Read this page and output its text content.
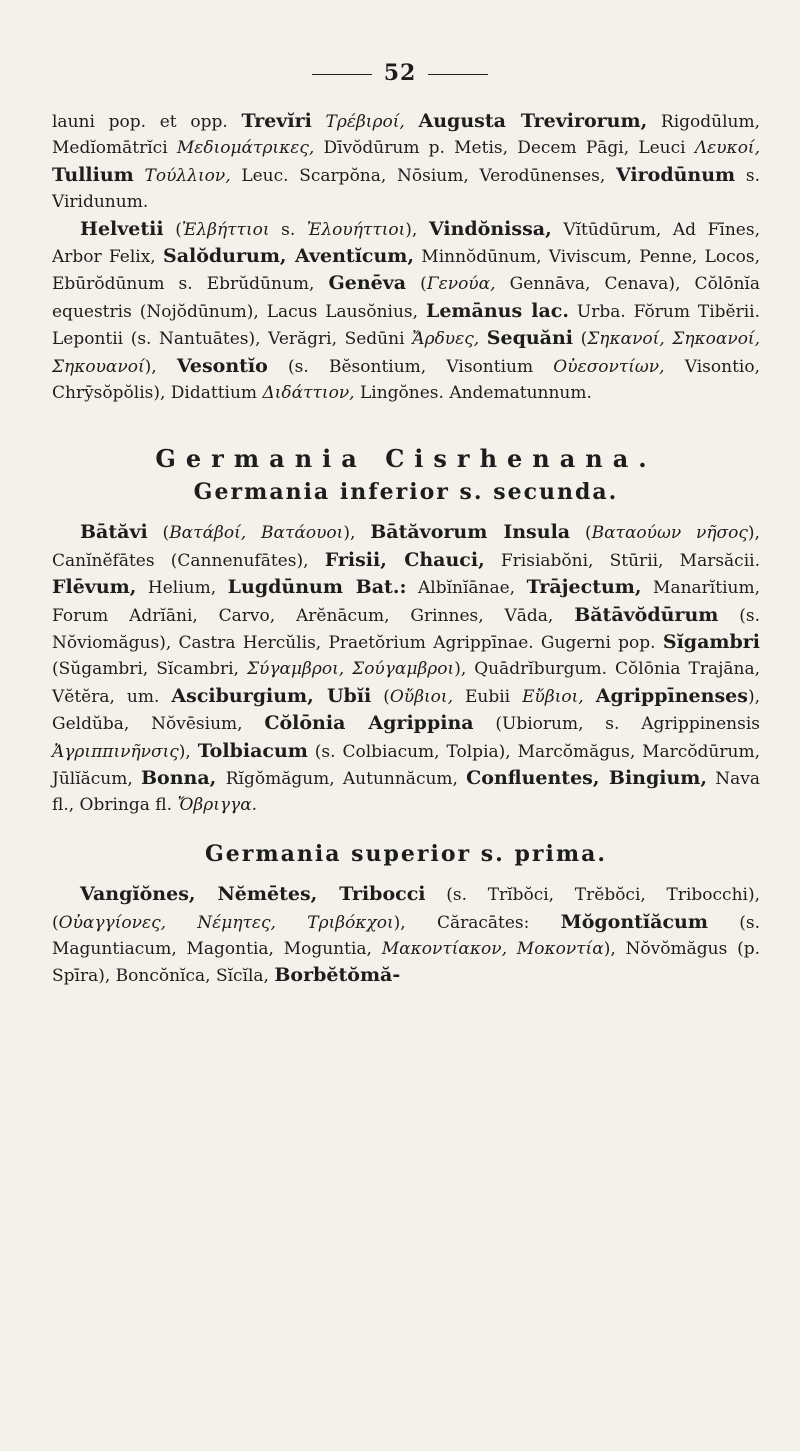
52

launi pop. et opp. Trevĭri Τρέβιροί, Augusta Trevirorum, Rigodūlum, Medĭomātrĭci Μεδιομάτρικες, Dīvŏdūrum p. Metis, Decem Pāgi, Leuci Λευκοί, Tullium Τούλλιον, Leuc. Scarpŏna, Nōsium, Verodūnenses, Virodūnum s. Viridunum.

Helvetii (Ἐλβήττιοι s. Ἐλουήττιοι), Vindŏnissa, Vĭtūdūrum, Ad Fīnes, Arbor Felix, Salŏdurum, Aventĭcum, Minnŏdūnum, Viviscum, Penne, Locos, Ebūrŏdūnum s. Ebrŭdūnum, Genēva (Γενούα, Gennāva, Cenava), Cŏlōnĭa equestris (Nojŏdūnum), Lacus Lausŏnius, Lemānus lac. Urba. Fŏrum Tibĕrii. Lepontii (s. Nantuātes), Verăgri, Sedūni Ἄρδυες, Sequăni (Σηκανοί, Σηκοανοί, Σηκουανοί), Vesontĭo (s. Bĕsontium, Visontium Οὐεσοντίων, Visontio, Chrȳsŏpŏlis), Didattium Διδάττιον, Lingŏnes. Andematunnum.

Germania Cisrhenana.
Germania inferior s. secunda.

Bātăvi (Βατάβοί, Βατάουοι), Bātăvorum Insula (Βαταούων νῆσος), Canĭnĕfātes (Cannenufātes), Frisii, Chauci, Frisiabŏni, Stūrii, Marsăcii. Flēvum, Helium, Lugdūnum Bat.: Albĭnĭānae, Trājectum, Manarĭtium, Forum Adrĭāni, Carvo, Arĕnācum, Grinnes, Vāda, Bătāvŏdūrum (s. Nŏviomăgus), Castra Hercŭlis, Praetŏrium Agrippīnae. Gugerni pop. Sĭgambri (Sŭgambri, Sĭcambri, Σύγαμβροι, Σούγαμβροι), Quādrĭburgum. Cŏlōnia Trajāna, Vĕtĕra, um. Asciburgium, Ubĭi (Οὔβιοι, Eubii Εὔβιοι, Agrippīnenses), Geldŭba, Nŏvēsium, Cŏlōnia Agrippina (Ubiorum, s. Agrippinensis Ἀγριππινῆνσις), Tolbiacum (s. Colbiacum, Tolpia), Marcŏmăgus, Marcŏdūrum, Jūlĭăcum, Bonna, Rĭgŏmăgum, Autunnăcum, Confluentes, Bingium, Nava fl., Obringa fl. Ὄβριγγα.

Germania superior s. prima.

Vangĭŏnes, Nĕmētes, Tribocci (s. Trĭbŏci, Trĕbŏci, Tribocchi), (Οὐαγγίονες, Νέμητες, Τριβόκχοι), Căracātes: Mŏgontĭăcum (s. Maguntiacum, Magontia, Moguntia, Μακοντίακον, Μοκοντία), Nŏvŏmăgus (p. Spīra), Boncŏnĭca, Sĭcĭla, Borbĕtŏmă-
